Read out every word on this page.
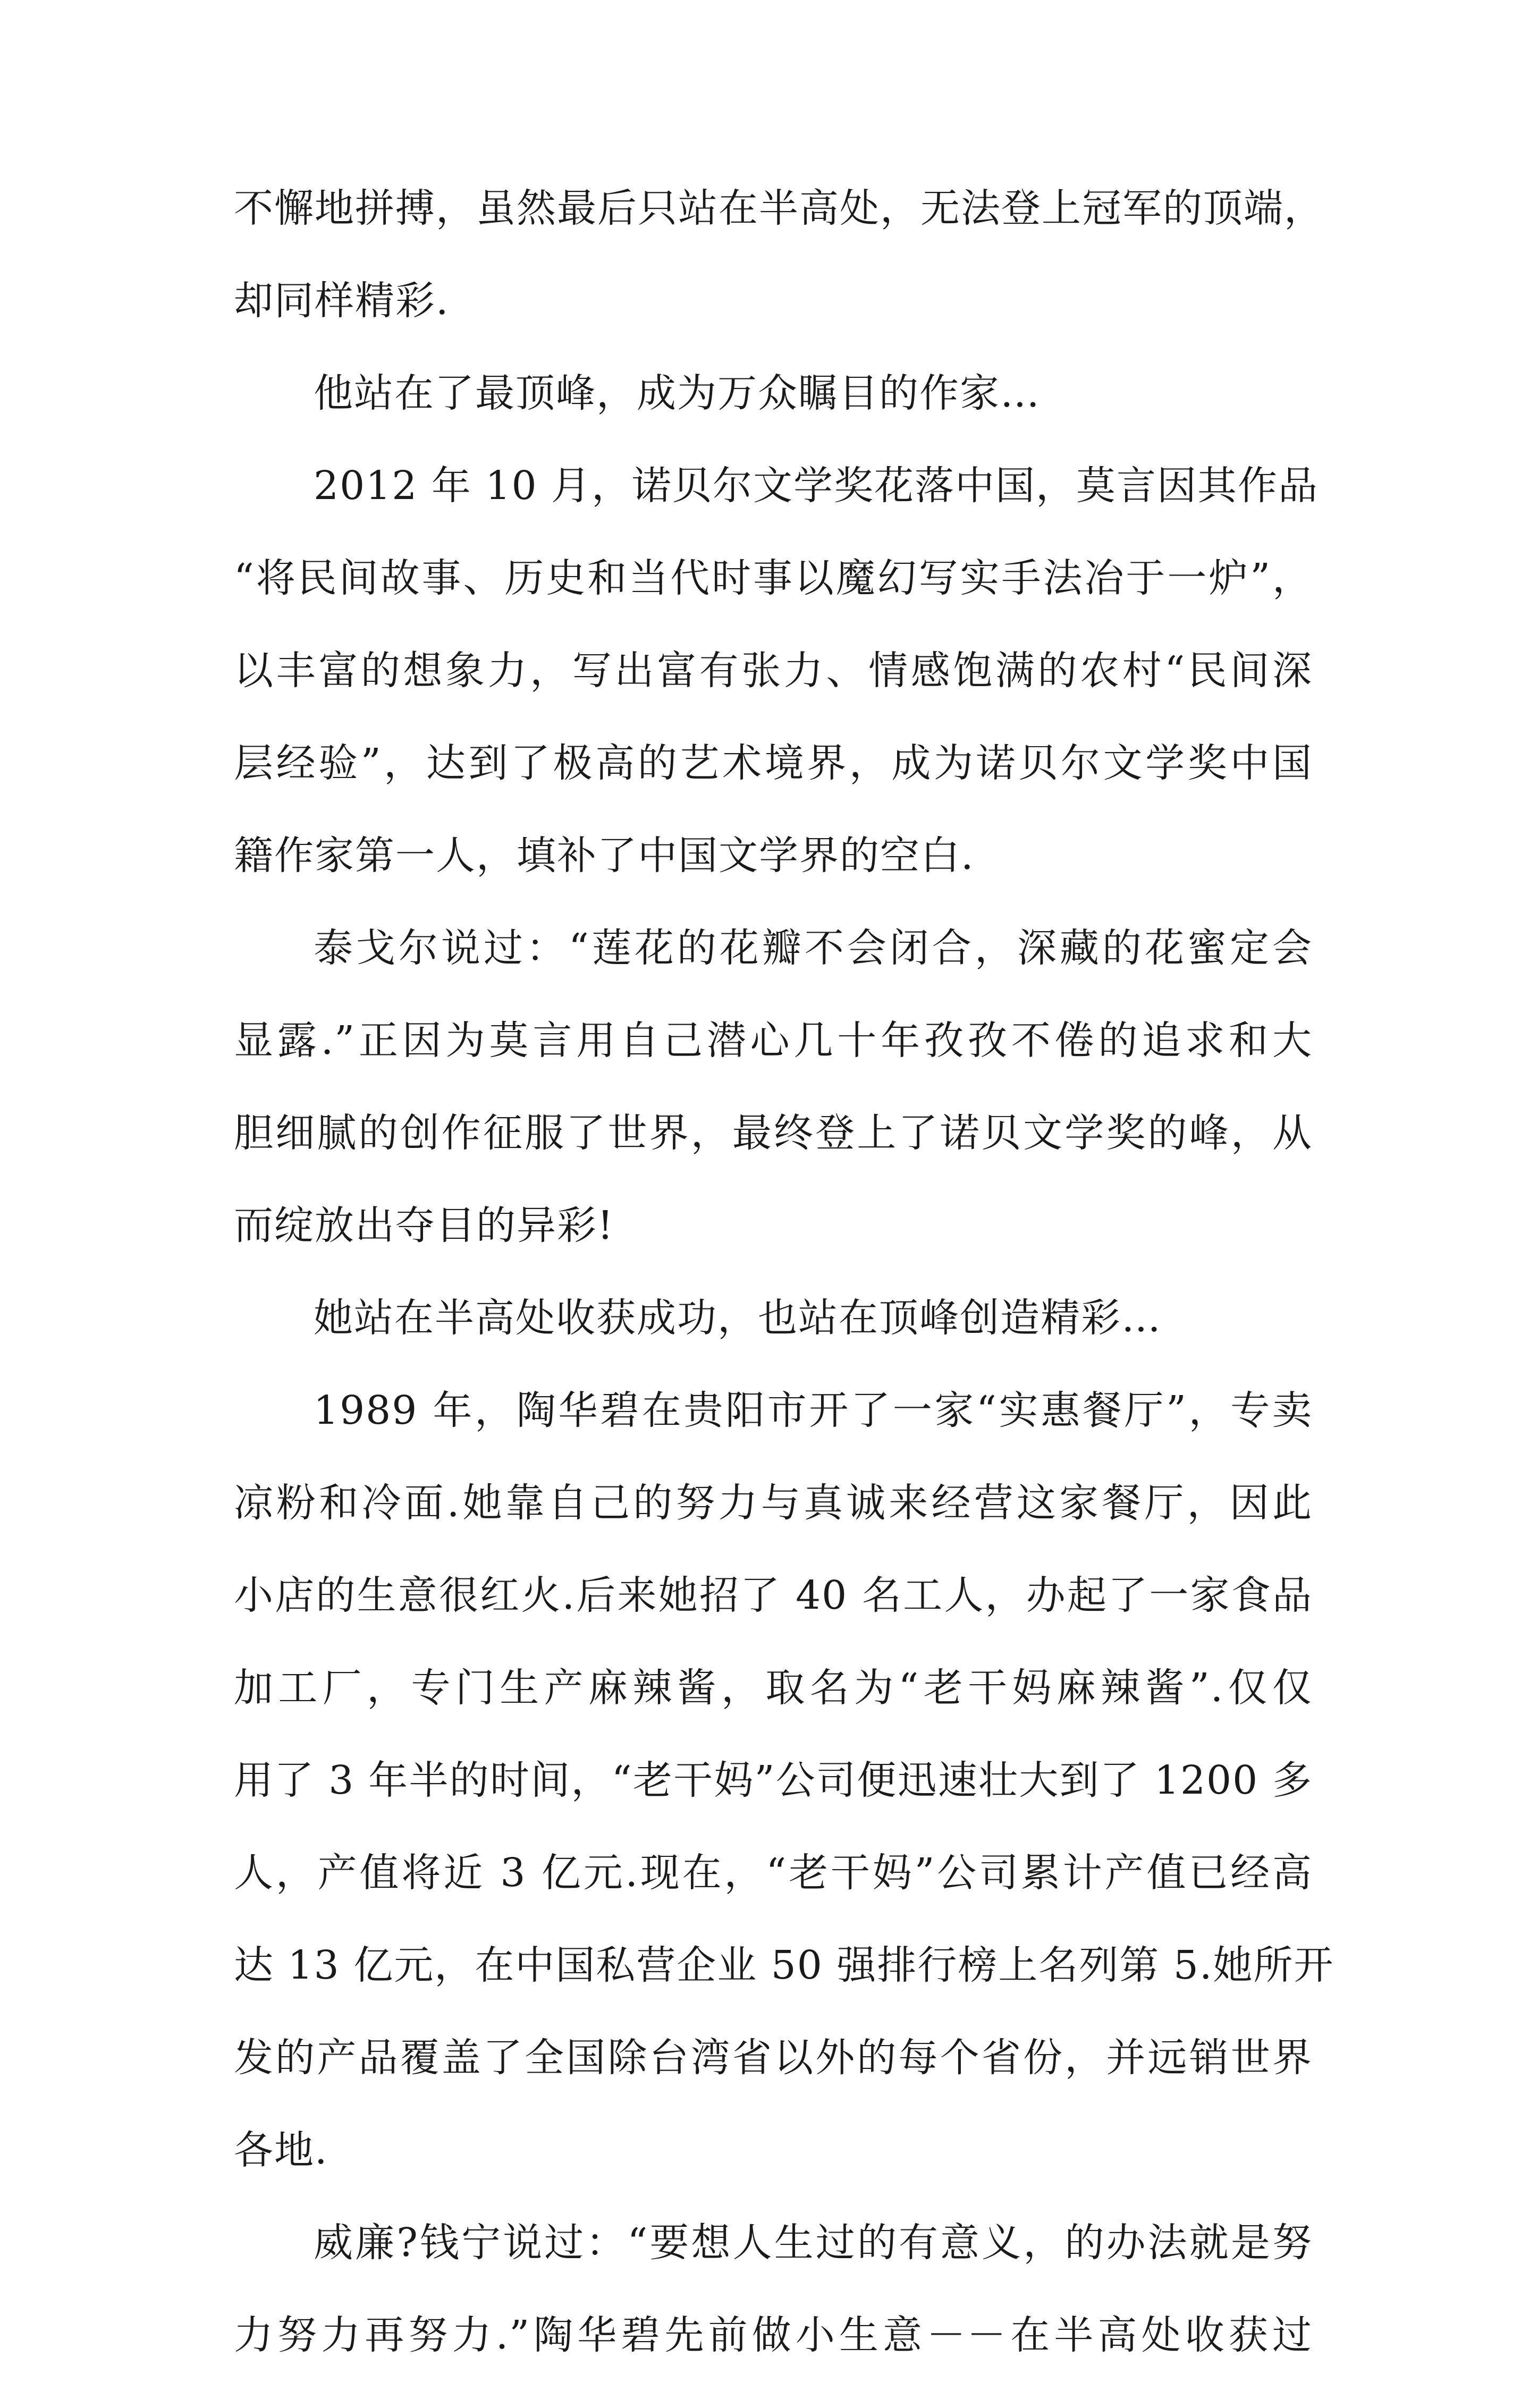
不懈地拼搏，虽然最后只站在半高处，无法登上冠军的顶端，
却同样精彩.
他站在了最顶峰，成为万众瞩目的作家…
2012 年 10 月，诺贝尔文学奖花落中国，莫言因其作品
“将民间故事、历史和当代时事以魔幻写实手法冶于一炉”，
以丰富的想象力，写出富有张力、情感饱满的农村“民间深
层经验”，达到了极高的艺术境界，成为诺贝尔文学奖中国
籍作家第一人，填补了中国文学界的空白.
泰戈尔说过：“莲花的花瓣不会闭合，深藏的花蜜定会
显露.”正因为莫言用自己潜心几十年孜孜不倦的追求和大
胆细腻的创作征服了世界，最终登上了诺贝文学奖的峰，从
而绽放出夺目的异彩!
她站在半高处收获成功，也站在顶峰创造精彩…
1989 年，陶华碧在贵阳市开了一家“实惠餐厅”，专卖
凉粉和冷面.她靠自己的努力与真诚来经营这家餐厅，因此
小店的生意很红火.后来她招了 40 名工人，办起了一家食品
加工厂，专门生产麻辣酱，取名为“老干妈麻辣酱”.仅仅
用了 3 年半的时间，“老干妈”公司便迅速壮大到了 1200 多
人，产值将近 3 亿元.现在，“老干妈”公司累计产值已经高
达 13 亿元，在中国私营企业 50 强排行榜上名列第 5.她所开
发的产品覆盖了全国除台湾省以外的每个省份，并远销世界
各地.
威廉?钱宁说过：“要想人生过的有意义，的办法就是努
力努力再努力.”陶华碧先前做小生意－－在半高处收获过
